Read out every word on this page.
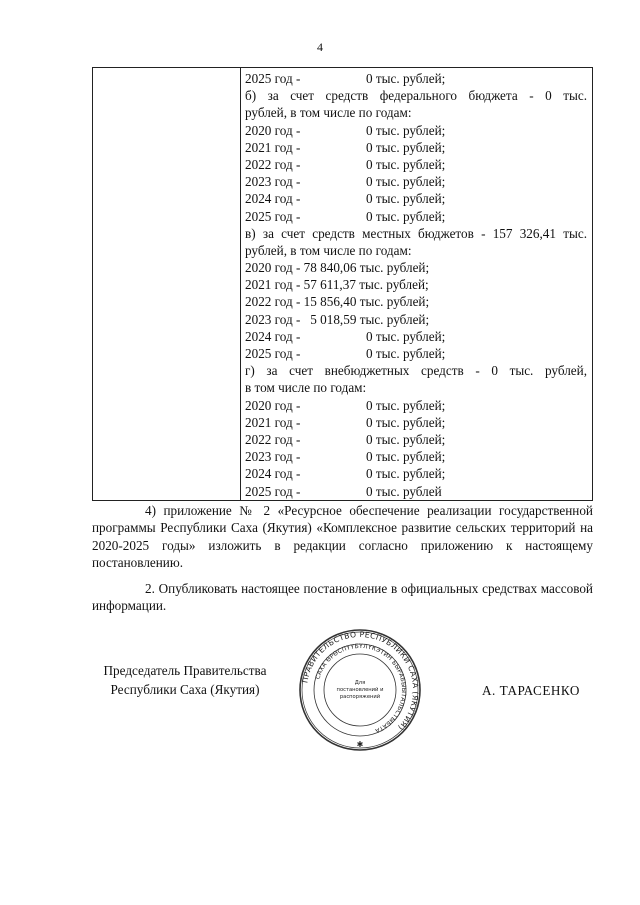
4
2025 год -	0 тыс. рублей;
б) за счет средств федерального бюджета - 0 тыс.
рублей, в том числе по годам:
2020 год -	0 тыс. рублей;
2021 год -	0 тыс. рублей;
2022 год -	0 тыс. рублей;
2023 год -	0 тыс. рублей;
2024 год -	0 тыс. рублей;
2025 год -	0 тыс. рублей;
в) за счет средств местных бюджетов - 157 326,41 тыс.
рублей, в том числе по годам:
2020 год - 78 840,06 тыс. рублей;
2021 год - 57 611,37 тыс. рублей;
2022 год - 15 856,40 тыс. рублей;
2023 год -   5 018,59 тыс. рублей;
2024 год -	0 тыс. рублей;
2025 год -	0 тыс. рублей;
г) за счет внебюджетных средств - 0 тыс. рублей,
в том числе по годам:
2020 год -	0 тыс. рублей;
2021 год -	0 тыс. рублей;
2022 год -	0 тыс. рублей;
2023 год -	0 тыс. рублей;
2024 год -	0 тыс. рублей;
2025 год -	0 тыс. рублей
4) приложение № 2 «Ресурсное обеспечение реализации государственной программы Республики Саха (Якутия) «Комплексное развитие сельских территорий на 2020-2025 годы» изложить в редакции согласно приложению к настоящему постановлению.
2. Опубликовать настоящее постановление в официальных средствах массовой информации.
Председатель Правительства
Республики Саха (Якутия)
ПРАВИТЕЛЬСТВО РЕСПУБЛИКИ САХА (ЯКУТИЯ)
САХА ӨРӨСПҮҮБҮЛҮКЭТИН БЫРАБЫЫТАЛЬСТЫБАТА
Для
постановлений и
распоряжений
✱
А. ТАРАСЕНКО
